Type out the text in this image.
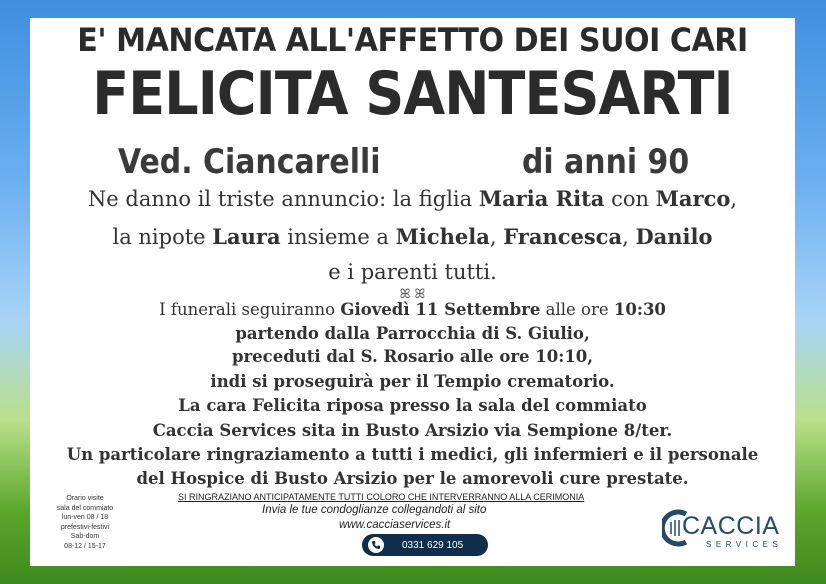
E' MANCATA ALL'AFFETTO DEI SUOI CARI
FELICITA SANTESARTI
Ved. Ciancarelli	di anni 90
Ne danno il triste annuncio: la figlia Maria Rita con Marco,
la nipote Laura insieme a Michela, Francesca, Danilo
e i parenti tutti.
ꕤ ꕤ
I funerali seguiranno Giovedì 11 Settembre alle ore 10:30
partendo dalla Parrocchia di S. Giulio,
preceduti dal S. Rosario alle ore 10:10,
indi si proseguirà per il Tempio crematorio.
La cara Felicita riposa presso la sala del commiato
Caccia Services sita in Busto Arsizio via Sempione 8/ter.
Un particolare ringraziamento a tutti i medici, gli infermieri e il personale
del Hospice di Busto Arsizio per le amorevoli cure prestate.
SI RINGRAZIANO ANTICIPATAMENTE TUTTI COLORO CHE INTERVERRANNO ALLA CERIMONIA
Invia le tue condoglianze collegandoti al sito
www.cacciaservices.it
0331 629 105
Orario visite
sala del commiato
lun-ven 08 / 18
prefestivi-festivi
Sab-dom
08-12 / 15-17
CACCIA
SERVICES
